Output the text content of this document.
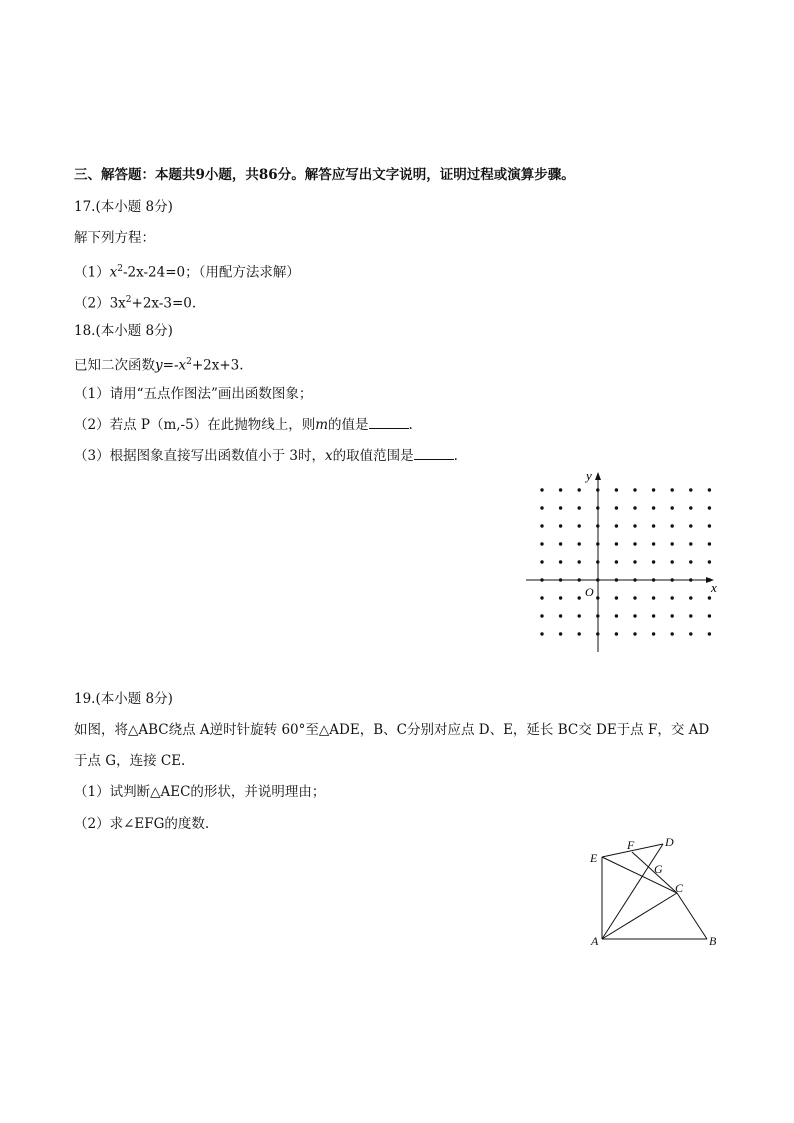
三、解答题：本题共9小题，共86分。解答应写出文字说明，证明过程或演算步骤。
17.(本小题 8分)
解下列方程：
$(1)x^2-2x-24=0$；（用配方法求解）
$(2)3x^2+2x-3=0$.
18.(本小题 8分)
已知二次函数$y=-x^2+2x+3$.
（1）请用“五点作图法”画出函数图象；
（2）若点 P（m,-5）在此抛物线上，则m的值是	.
（3）根据图象直接写出函数值小于 3时，x的取值范围是	.
x
y
O
19.(本小题 8分)
如图，将△ABC绕点 A逆时针旋转 60°至△ADE，B、C分别对应点 D、E，延长 BC交 DE于点 F，交 AD
于点 G，连接 CE.
（1）试判断△AEC的形状，并说明理由；
（2）求∠EFG的度数.
A	B
C
D
E
F
G
